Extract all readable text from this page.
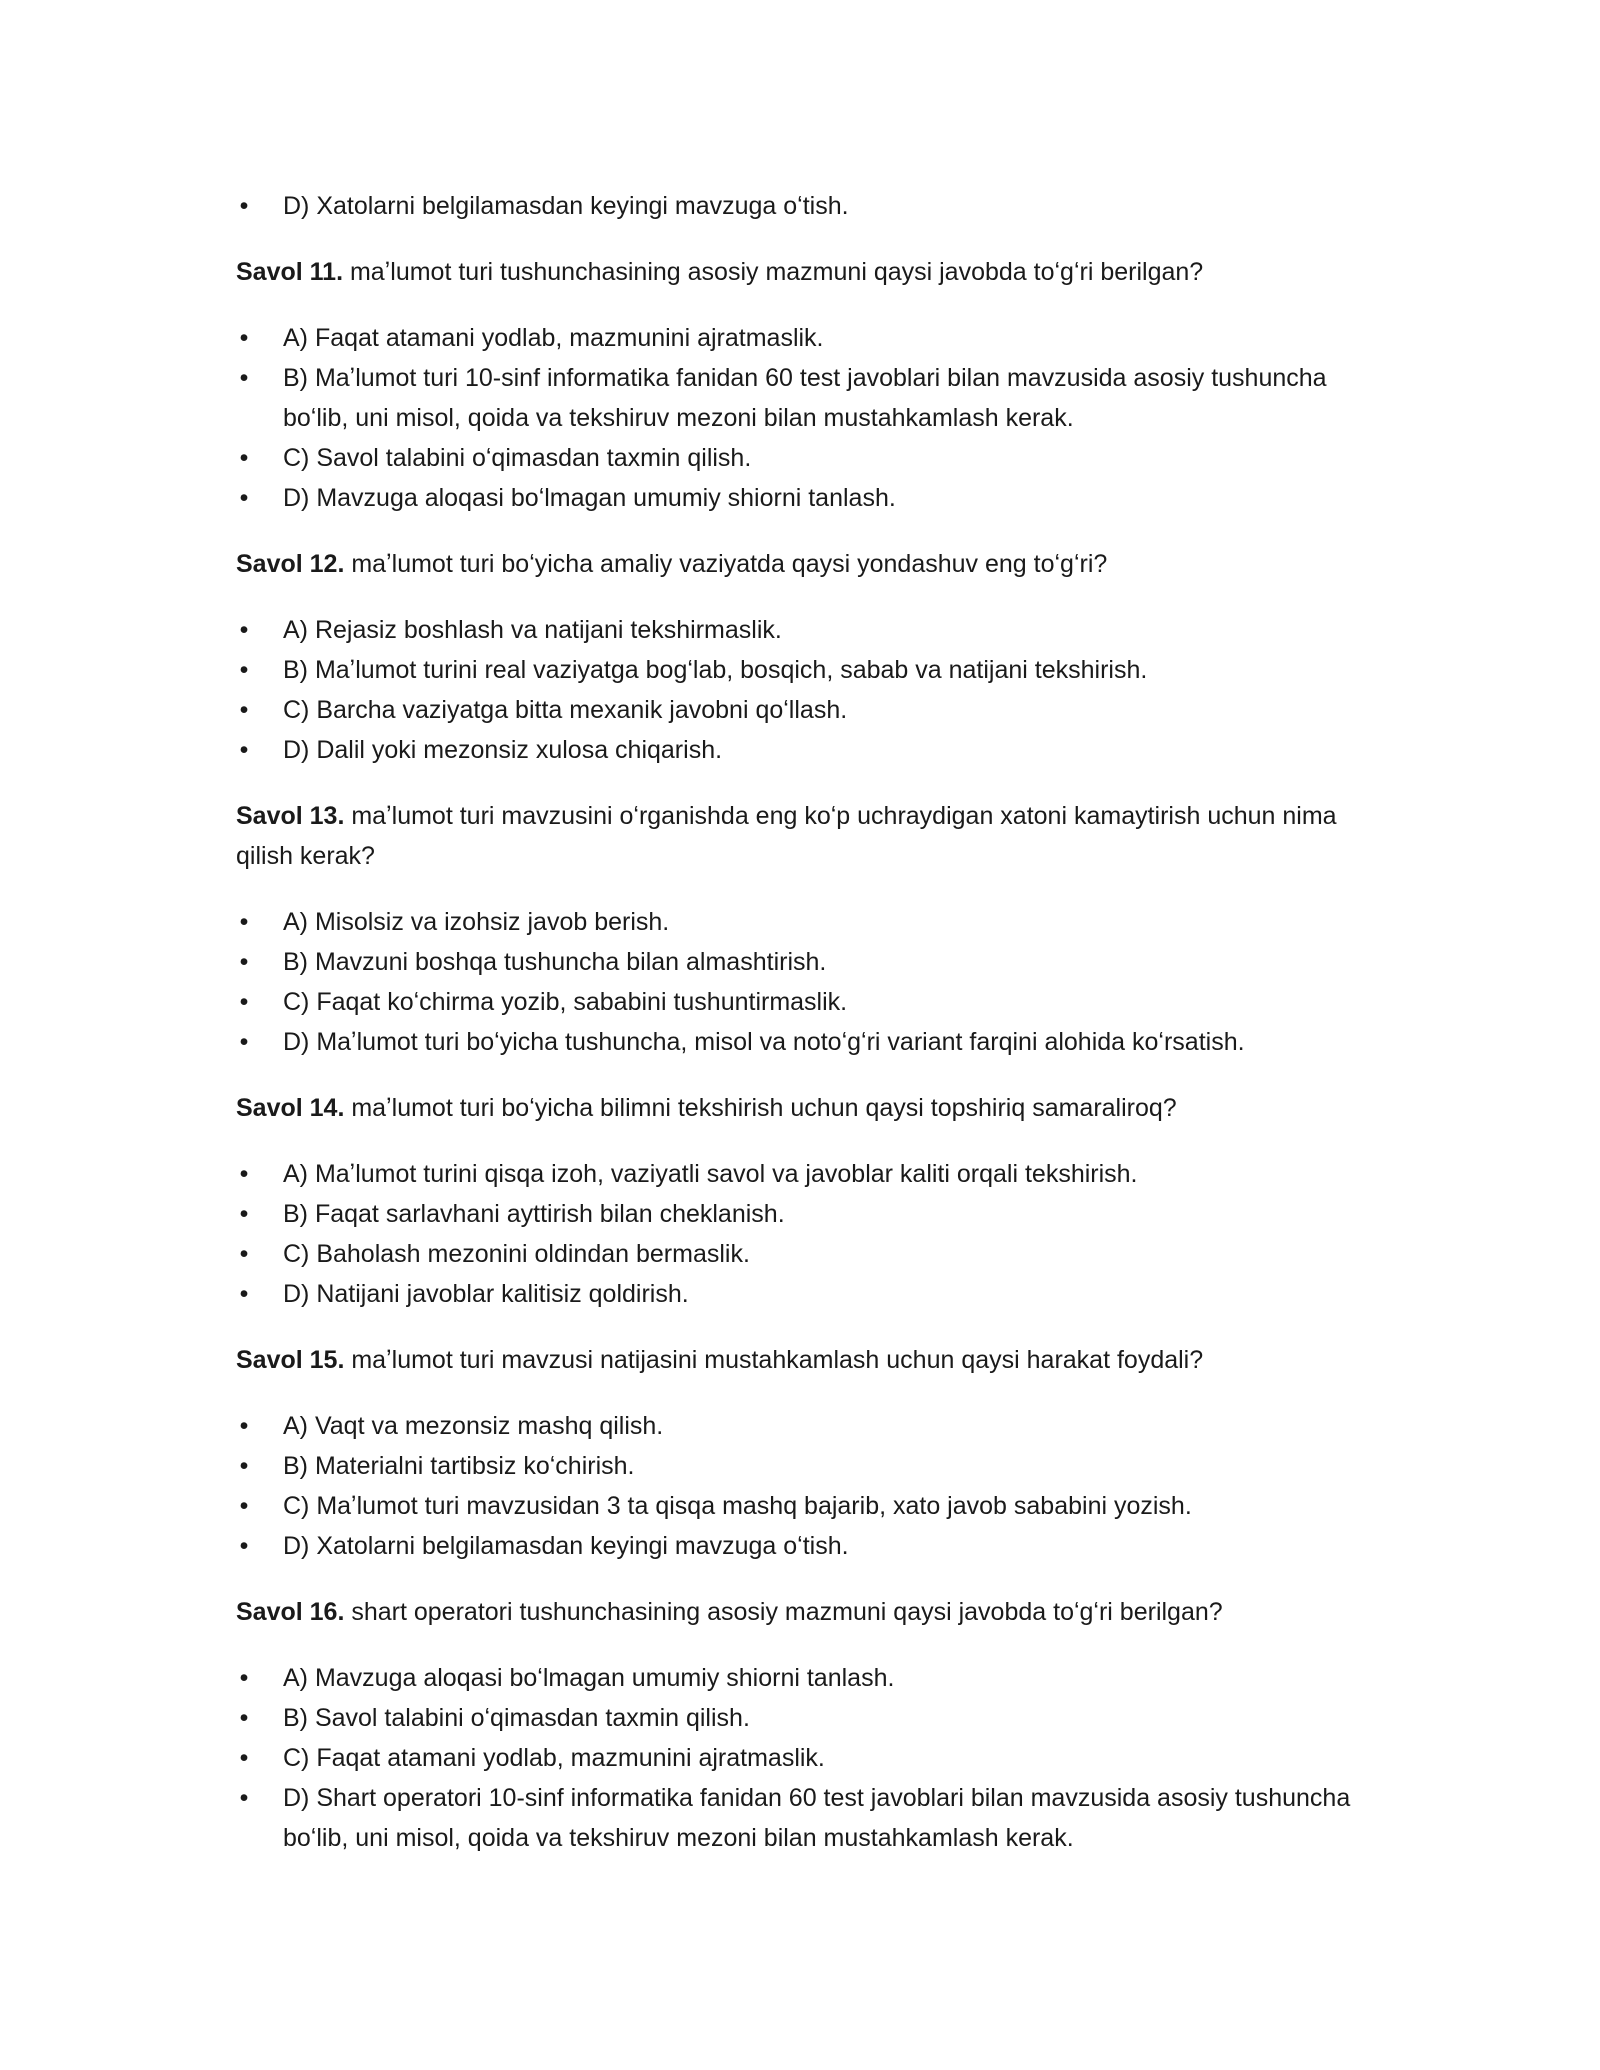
• D) Xatolarni belgilamasdan keyingi mavzuga oʻtish.
Savol 11. maʼlumot turi tushunchasining asosiy mazmuni qaysi javobda toʻgʻri berilgan?
• A) Faqat atamani yodlab, mazmunini ajratmaslik.
• B) Maʼlumot turi 10-sinf informatika fanidan 60 test javoblari bilan mavzusida asosiy tushuncha boʻlib, uni misol, qoida va tekshiruv mezoni bilan mustahkamlash kerak.
• C) Savol talabini oʻqimasdan taxmin qilish.
• D) Mavzuga aloqasi boʻlmagan umumiy shiorni tanlash.
Savol 12. maʼlumot turi boʻyicha amaliy vaziyatda qaysi yondashuv eng toʻgʻri?
• A) Rejasiz boshlash va natijani tekshirmaslik.
• B) Maʼlumot turini real vaziyatga bogʻlab, bosqich, sabab va natijani tekshirish.
• C) Barcha vaziyatga bitta mexanik javobni qoʻllash.
• D) Dalil yoki mezonsiz xulosa chiqarish.
Savol 13. maʼlumot turi mavzusini oʻrganishda eng koʻp uchraydigan xatoni kamaytirish uchun nima qilish kerak?
• A) Misolsiz va izohsiz javob berish.
• B) Mavzuni boshqa tushuncha bilan almashtirish.
• C) Faqat koʻchirma yozib, sababini tushuntirmaslik.
• D) Maʼlumot turi boʻyicha tushuncha, misol va notoʻgʻri variant farqini alohida koʻrsatish.
Savol 14. maʼlumot turi boʻyicha bilimni tekshirish uchun qaysi topshiriq samaraliroq?
• A) Maʼlumot turini qisqa izoh, vaziyatli savol va javoblar kaliti orqali tekshirish.
• B) Faqat sarlavhani ayttirish bilan cheklanish.
• C) Baholash mezonini oldindan bermaslik.
• D) Natijani javoblar kalitisiz qoldirish.
Savol 15. maʼlumot turi mavzusi natijasini mustahkamlash uchun qaysi harakat foydali?
• A) Vaqt va mezonsiz mashq qilish.
• B) Materialni tartibsiz koʻchirish.
• C) Maʼlumot turi mavzusidan 3 ta qisqa mashq bajarib, xato javob sababini yozish.
• D) Xatolarni belgilamasdan keyingi mavzuga oʻtish.
Savol 16. shart operatori tushunchasining asosiy mazmuni qaysi javobda toʻgʻri berilgan?
• A) Mavzuga aloqasi boʻlmagan umumiy shiorni tanlash.
• B) Savol talabini oʻqimasdan taxmin qilish.
• C) Faqat atamani yodlab, mazmunini ajratmaslik.
• D) Shart operatori 10-sinf informatika fanidan 60 test javoblari bilan mavzusida asosiy tushuncha boʻlib, uni misol, qoida va tekshiruv mezoni bilan mustahkamlash kerak.
